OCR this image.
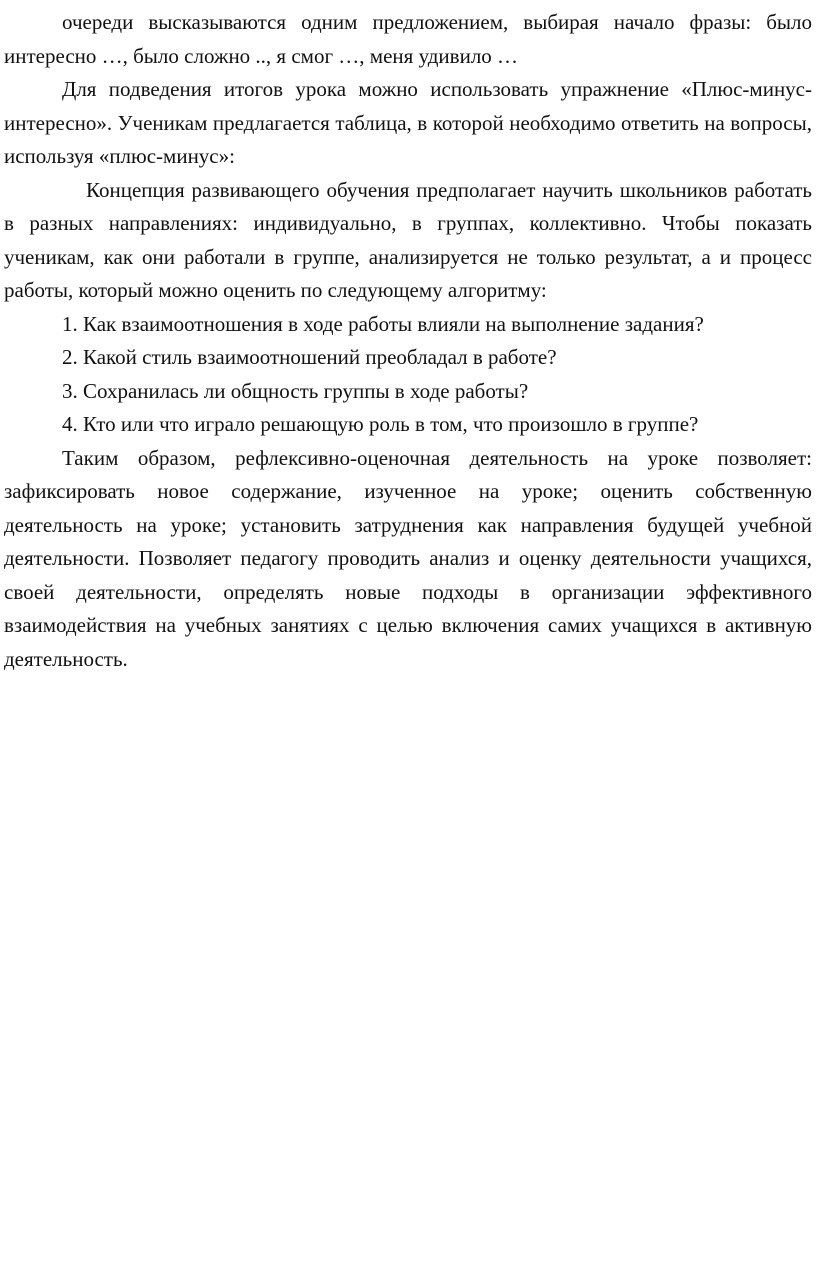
очереди высказываются одним предложением, выбирая начало фразы: было интересно …, было сложно .., я смог …, меня удивило …

Для подведения итогов урока можно использовать упражнение «Плюс-минус-интересно». Ученикам предлагается таблица, в которой необходимо ответить на вопросы, используя «плюс-минус»:

Концепция развивающего обучения предполагает научить школьников работать в разных направлениях: индивидуально, в группах, коллективно. Чтобы показать ученикам, как они работали в группе, анализируется не только результат, а и процесс работы, который можно оценить по следующему алгоритму:

1. Как взаимоотношения в ходе работы влияли на выполнение задания?

2. Какой стиль взаимоотношений преобладал в работе?

3. Сохранилась ли общность группы в ходе работы?

4. Кто или что играло решающую роль в том, что произошло в группе?

Таким образом, рефлексивно-оценочная деятельность на уроке позволяет: зафиксировать новое содержание, изученное на уроке; оценить собственную деятельность на уроке; установить затруднения как направления будущей учебной деятельности. Позволяет педагогу проводить анализ и оценку деятельности учащихся, своей деятельности, определять новые подходы в организации эффективного взаимодействия на учебных занятиях с целью включения самих учащихся в активную деятельность.
